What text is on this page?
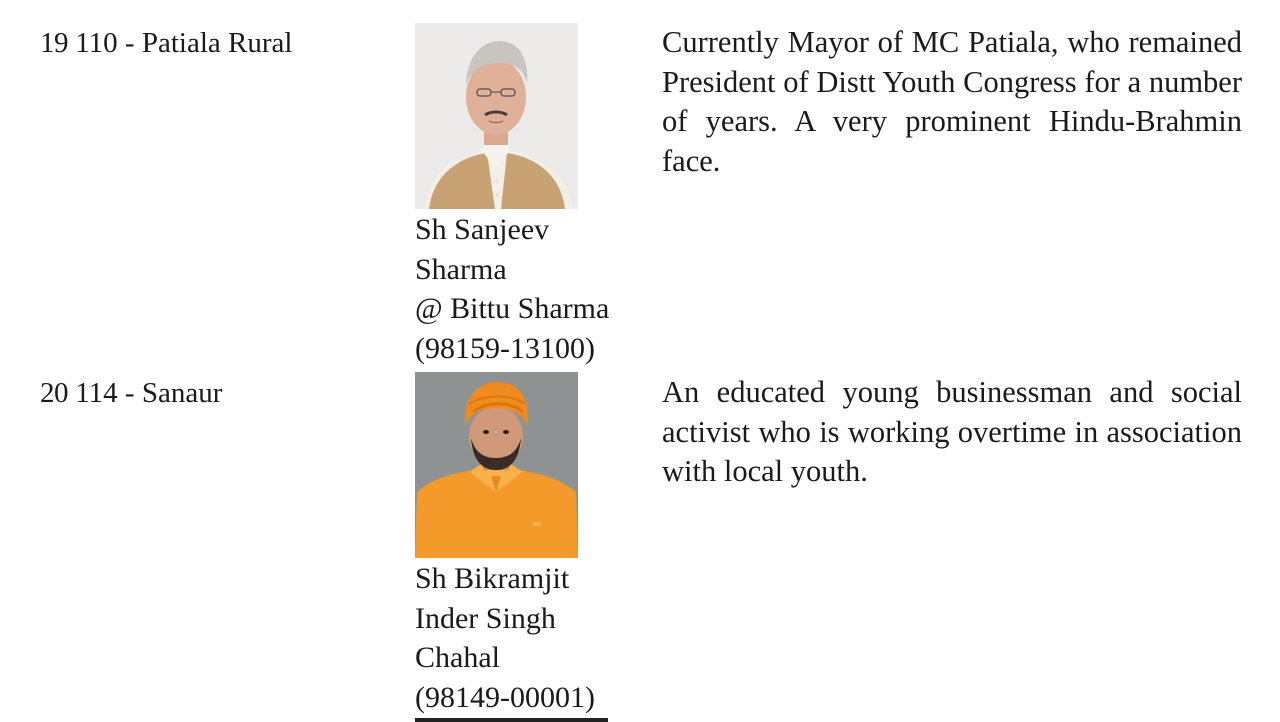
19 110 - Patiala Rural
Sh Sanjeev
Sharma
@ Bittu Sharma
(98159-13100)
Currently Mayor of MC Patiala, who remained President of Distt Youth Congress for a number of years. A very prominent Hindu-Brahmin face.
20 114 - Sanaur
Sh Bikramjit
Inder Singh
Chahal
(98149-00001)
An educated young businessman and social activist who is working overtime in association with local youth.
